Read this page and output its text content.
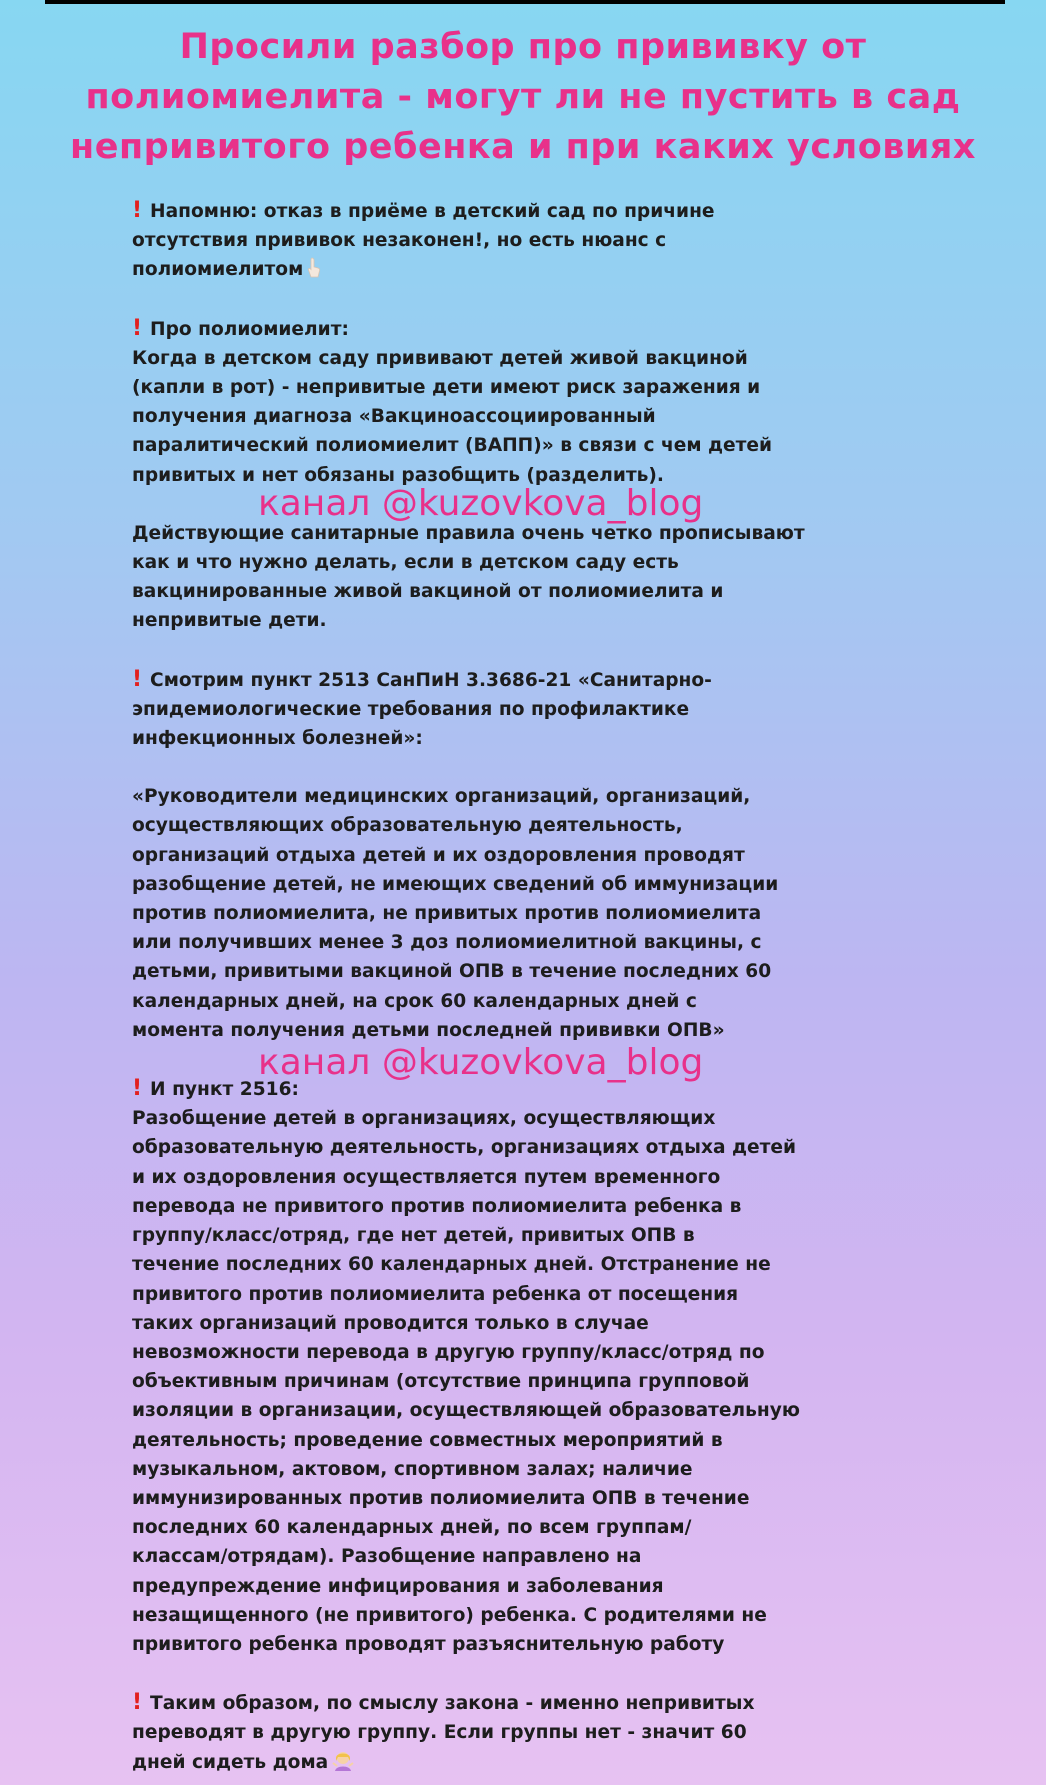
Просили разбор про прививку от
полиомиелита - могут ли не пустить в сад
непривитого ребенка и при каких условиях
! Напомню: отказ в приёме в детский сад по причине
отсутствия прививок незаконен!, но есть нюанс с
полиомиелитом
! Про полиомиелит:
Когда в детском саду прививают детей живой вакциной
(капли в рот) - непривитые дети имеют риск заражения и
получения диагноза «Вакциноассоциированный
паралитический полиомиелит (ВАПП)» в связи с чем детей
привитых и нет обязаны разобщить (разделить).
Действующие санитарные правила очень четко прописывают
как и что нужно делать, если в детском саду есть
вакцинированные живой вакциной от полиомиелита и
непривитые дети.
! Смотрим пункт 2513 СанПиН 3.3686-21 «Санитарно-
эпидемиологические требования по профилактике
инфекционных болезней»:
«Руководители медицинских организаций, организаций,
осуществляющих образовательную деятельность,
организаций отдыха детей и их оздоровления проводят
разобщение детей, не имеющих сведений об иммунизации
против полиомиелита, не привитых против полиомиелита
или получивших менее 3 доз полиомиелитной вакцины, с
детьми, привитыми вакциной ОПВ в течение последних 60
календарных дней, на срок 60 календарных дней с
момента получения детьми последней прививки ОПВ»
! И пункт 2516:
Разобщение детей в организациях, осуществляющих
образовательную деятельность, организациях отдыха детей
и их оздоровления осуществляется путем временного
перевода не привитого против полиомиелита ребенка в
группу/класс/отряд, где нет детей, привитых ОПВ в
течение последних 60 календарных дней. Отстранение не
привитого против полиомиелита ребенка от посещения
таких организаций проводится только в случае
невозможности перевода в другую группу/класс/отряд по
объективным причинам (отсутствие принципа групповой
изоляции в организации, осуществляющей образовательную
деятельность; проведение совместных мероприятий в
музыкальном, актовом, спортивном залах; наличие
иммунизированных против полиомиелита ОПВ в течение
последних 60 календарных дней, по всем группам/
классам/отрядам). Разобщение направлено на
предупреждение инфицирования и заболевания
незащищенного (не привитого) ребенка. С родителями не
привитого ребенка проводят разъяснительную работу
! Таким образом, по смыслу закона - именно непривитых
переводят в другую группу. Если группы нет - значит 60
дней сидеть дома
канал @kuzovkova_blog
канал @kuzovkova_blog
